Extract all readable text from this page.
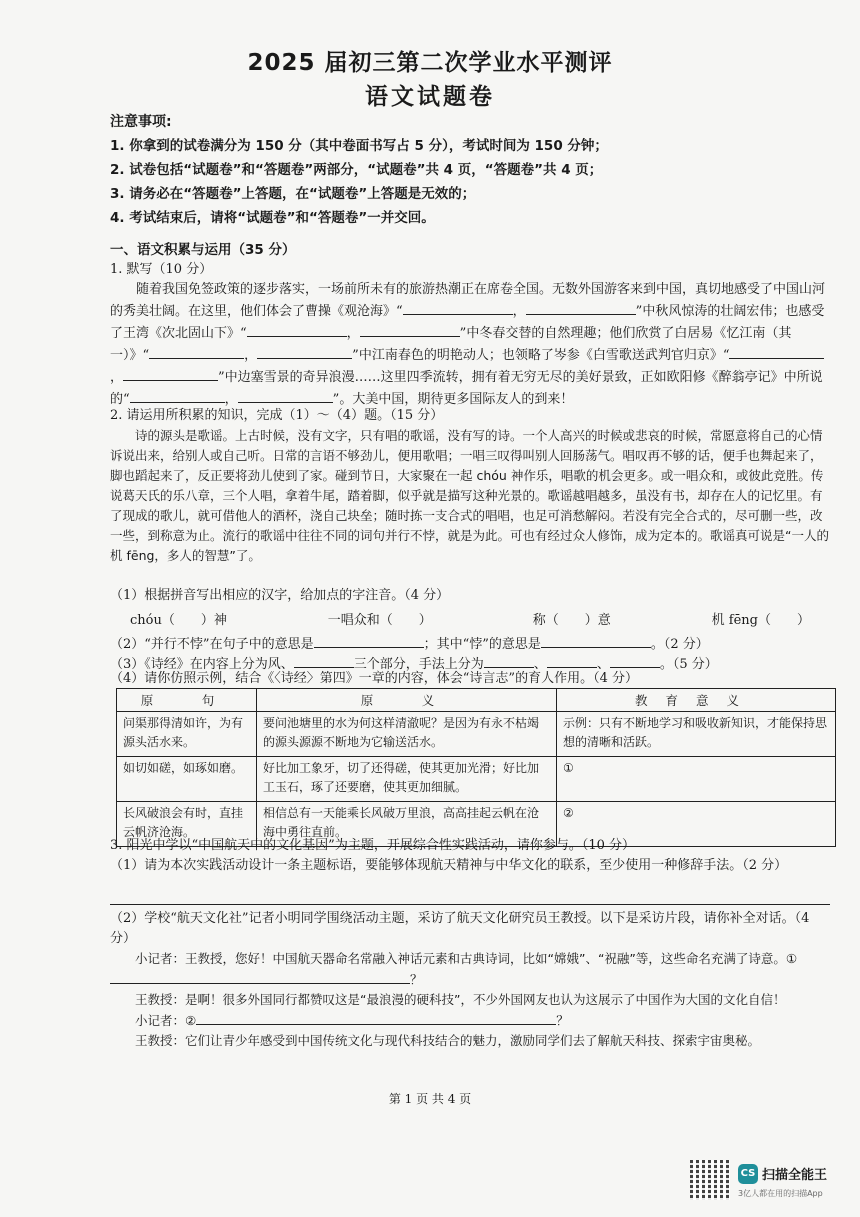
2025 届初三第二次学业水平测评
语文试题卷
注意事项:
1. 你拿到的试卷满分为 150 分（其中卷面书写占 5 分），考试时间为 150 分钟；
2. 试卷包括“试题卷”和“答题卷”两部分，“试题卷”共 4 页，“答题卷”共 4 页；
3. 请务必在“答题卷”上答题，在“试题卷”上答题是无效的；
4. 考试结束后，请将“试题卷”和“答题卷”一并交回。
一、语文积累与运用（35 分）

1. 默写（10 分）

随着我国免签政策的逐步落实，一场前所未有的旅游热潮正在席卷全国。无数外国游客来到中国，真切地感受了中国山河的秀美壮阔。在这里，他们体会了曹操《观沧海》“	，	”中秋风惊涛的壮阔宏伟；也感受了王湾《次北固山下》“	，	”中冬春交替的自然理趣；他们欣赏了白居易《忆江南（其一）》“	，	”中江南春色的明艳动人；也领略了岑参《白雪歌送武判官归京》“，	”中边塞雪景的奇异浪漫……这里四季流转，拥有着无穷无尽的美好景致，正如欧阳修《醉翁亭记》中所说的“	，	”。大美中国，期待更多国际友人的到来！

2. 请运用所积累的知识，完成（1）～（4）题。（15 分）

诗的源头是歌谣。上古时候，没有文字，只有唱的歌谣，没有写的诗。一个人高兴的时候或悲哀的时候，常愿意将自己的心情诉说出来，给别人或自己听。日常的言语不够劲儿，便用歌唱；一唱三叹得叫别人回肠荡气。唱叹再不够的话，便手也舞起来了，脚也蹈起来了，反正要将劲儿使到了家。碰到节日，大家聚在一起 chóu 神作乐，唱歌的机会更多。或一唱众和，或彼此竞胜。传说葛天氏的乐八章，三个人唱，拿着牛尾，踏着脚，似乎就是描写这种光景的。歌谣越唱越多，虽没有书，却存在人的记忆里。有了现成的歌儿，就可借他人的酒杯，浇自己块垒；随时拣一支合式的唱唱，也足可消愁解闷。若没有完全合式的，尽可删一些，改一些，到称意为止。流行的歌谣中往往不同的词句并行不悖，就是为此。可也有经过众人修饰，成为定本的。歌谣真可说是“一人的机 fēng，多人的智慧”了。

（1）根据拼音写出相应的汉字，给加点的字注音。（4 分）
chóu（　　）神	一唱众和（　　）	称（　　）意	机 fēng（　　）
（2）“并行不悖”在句子中的意思是	；其中“悖”的意思是	。（2 分）
（3）《诗经》在内容上分为风、	三个部分，手法上分为	、	、	。（5 分）
（4）请你仿照示例，结合《〈诗经〉第四》一章的内容，体会“诗言志”的育人作用。（4 分）
原　句	原　义	教育意义
问渠那得清如许，为有源头活水来。	要问池塘里的水为何这样清澈呢？是因为有永不枯竭的源头源源不断地为它输送活水。	示例：只有不断地学习和吸收新知识，才能保持思想的清晰和活跃。
如切如磋，如琢如磨。	好比加工象牙，切了还得磋，使其更加光滑；好比加工玉石，琢了还要磨，使其更加细腻。	①
长风破浪会有时，直挂云帆济沧海。	相信总有一天能乘长风破万里浪，高高挂起云帆在沧海中勇往直前。	②

3. 阳光中学以“中国航天中的文化基因”为主题，开展综合性实践活动，请你参与。（10 分）

（1）请为本次实践活动设计一条主题标语，要能够体现航天精神与中华文化的联系，至少使用一种修辞手法。（2 分）

（2）学校“航天文化社”记者小明同学围绕活动主题，采访了航天文化研究员王教授。以下是采访片段，请你补全对话。（4 分）

小记者：王教授，您好！中国航天器命名常融入神话元素和古典诗词，比如“嫦娥”、“祝融”等，这些命名充满了诗意。①？

王教授：是啊！很多外国同行都赞叹这是“最浪漫的硬科技”，不少外国网友也认为这展示了中国作为大国的文化自信！

小记者：②	？

王教授：它们让青少年感受到中国传统文化与现代科技结合的魅力，激励同学们去了解航天科技、探索宇宙奥秘。

第 1 页 共 4 页
CS 扫描全能王
3亿人都在用的扫描App
